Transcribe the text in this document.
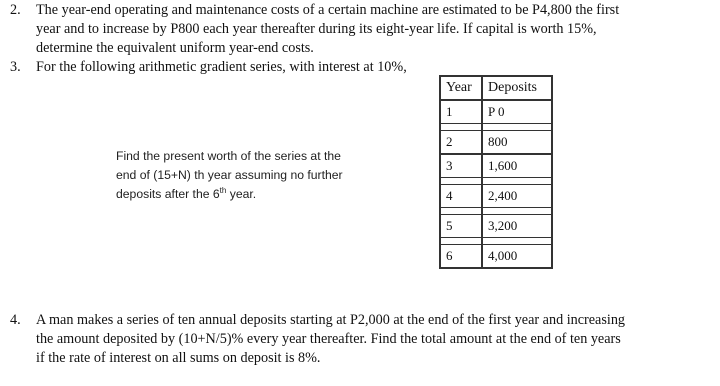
2. The year-end operating and maintenance costs of a certain machine are estimated to be P4,800 the first
year and to increase by P800 each year thereafter during its eight-year life. If capital is worth 15%,
determine the equivalent uniform year-end costs.
3. For the following arithmetic gradient series, with interest at 10%,
Find the present worth of the series at the
end of (15+N) th year assuming no further
deposits after the 6th year.
Year	Deposits
1	P 0

2	800
3	1,600

4	2,400

5	3,200

6	4,000
4. A man makes a series of ten annual deposits starting at P2,000 at the end of the first year and increasing
the amount deposited by (10+N/5)% every year thereafter. Find the total amount at the end of ten years
if the rate of interest on all sums on deposit is 8%.
